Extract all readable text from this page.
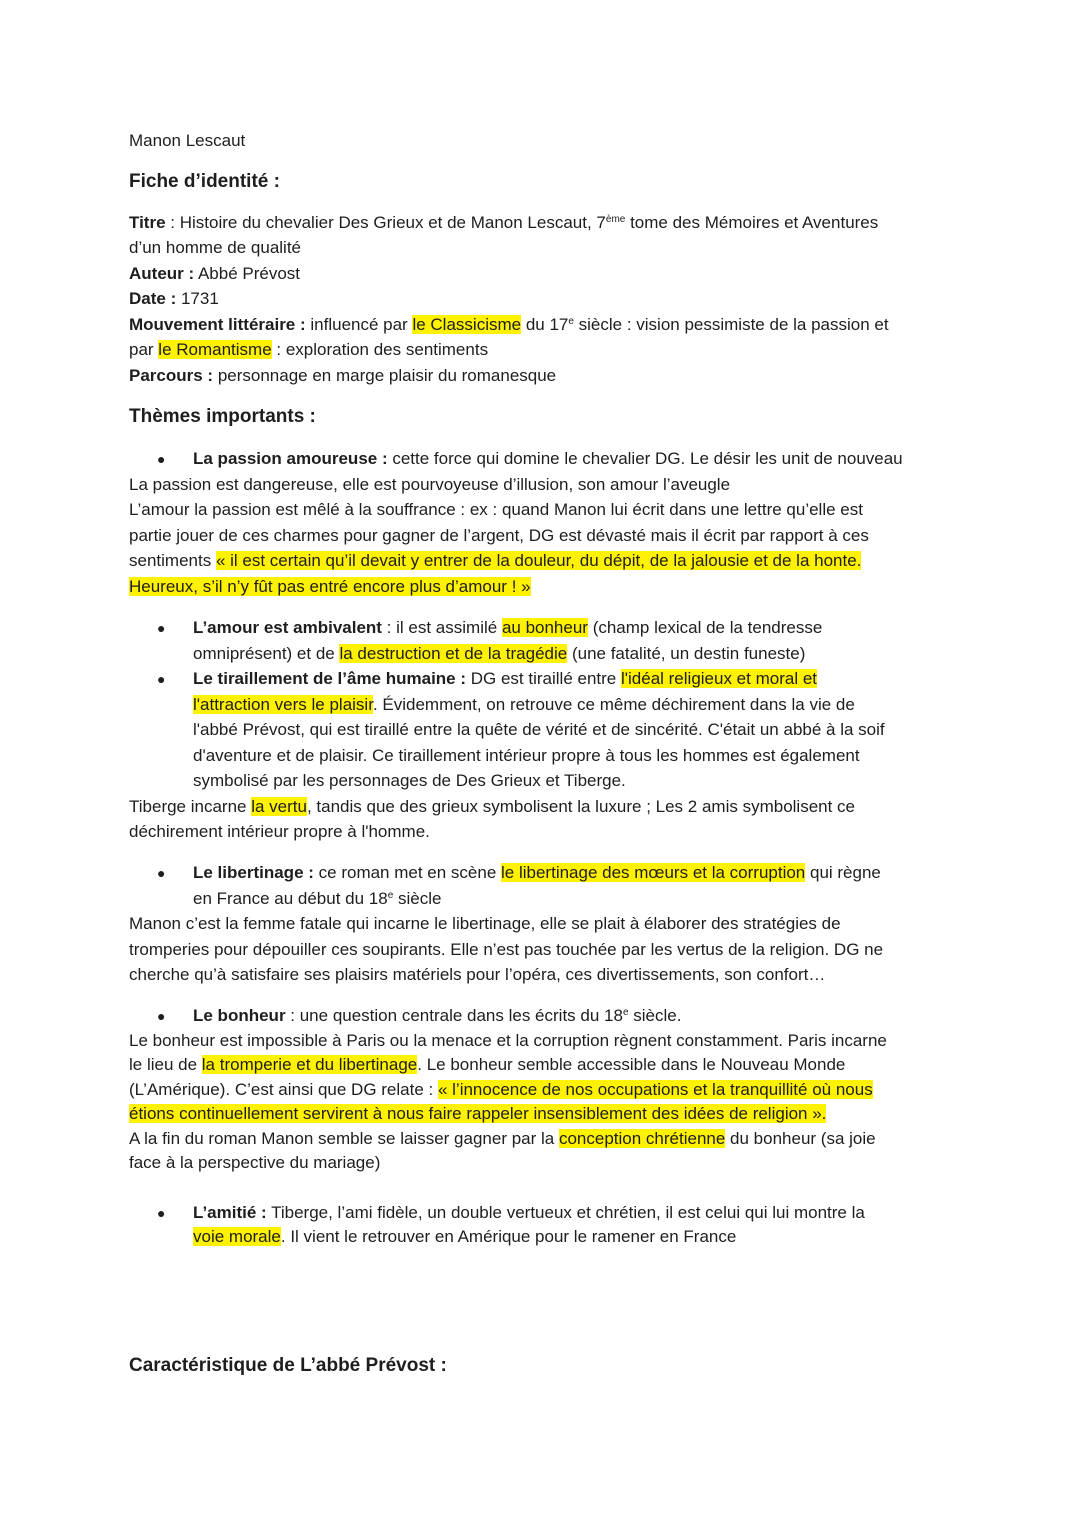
Manon Lescaut
Fiche d’identité :
Titre : Histoire du chevalier Des Grieux et de Manon Lescaut, 7ème tome des Mémoires et Aventures
d’un homme de qualité
Auteur : Abbé Prévost
Date : 1731
Mouvement littéraire : influencé par le Classicisme du 17e siècle : vision pessimiste de la passion et
par le Romantisme : exploration des sentiments
Parcours : personnage en marge plaisir du romanesque
Thèmes importants :
● La passion amoureuse : cette force qui domine le chevalier DG. Le désir les unit de nouveau
La passion est dangereuse, elle est pourvoyeuse d’illusion, son amour l’aveugle
L’amour la passion est mêlé à la souffrance : ex : quand Manon lui écrit dans une lettre qu’elle est
partie jouer de ces charmes pour gagner de l’argent, DG est dévasté mais il écrit par rapport à ces
sentiments « il est certain qu’il devait y entrer de la douleur, du dépit, de la jalousie et de la honte.
Heureux, s’il n’y fût pas entré encore plus d’amour ! »
● L’amour est ambivalent : il est assimilé au bonheur (champ lexical de la tendresse
omniprésent) et de la destruction et de la tragédie (une fatalité, un destin funeste)
● Le tiraillement de l’âme humaine : DG est tiraillé entre l'idéal religieux et moral et
l'attraction vers le plaisir. Évidemment, on retrouve ce même déchirement dans la vie de
l'abbé Prévost, qui est tiraillé entre la quête de vérité et de sincérité. C'était un abbé à la soif
d'aventure et de plaisir. Ce tiraillement intérieur propre à tous les hommes est également
symbolisé par les personnages de Des Grieux et Tiberge.
Tiberge incarne la vertu, tandis que des grieux symbolisent la luxure ; Les 2 amis symbolisent ce
déchirement intérieur propre à l'homme.
● Le libertinage : ce roman met en scène le libertinage des mœurs et la corruption qui règne
en France au début du 18e siècle
Manon c’est la femme fatale qui incarne le libertinage, elle se plait à élaborer des stratégies de
tromperies pour dépouiller ces soupirants. Elle n’est pas touchée par les vertus de la religion. DG ne
cherche qu’à satisfaire ses plaisirs matériels pour l’opéra, ces divertissements, son confort…
● Le bonheur : une question centrale dans les écrits du 18e siècle.
Le bonheur est impossible à Paris ou la menace et la corruption règnent constamment. Paris incarne
le lieu de la tromperie et du libertinage. Le bonheur semble accessible dans le Nouveau Monde
(L’Amérique). C’est ainsi que DG relate : « l’innocence de nos occupations et la tranquillité où nous
étions continuellement servirent à nous faire rappeler insensiblement des idées de religion ».
A la fin du roman Manon semble se laisser gagner par la conception chrétienne du bonheur (sa joie
face à la perspective du mariage)
● L’amitié : Tiberge, l’ami fidèle, un double vertueux et chrétien, il est celui qui lui montre la
voie morale. Il vient le retrouver en Amérique pour le ramener en France
Caractéristique de L’abbé Prévost :
